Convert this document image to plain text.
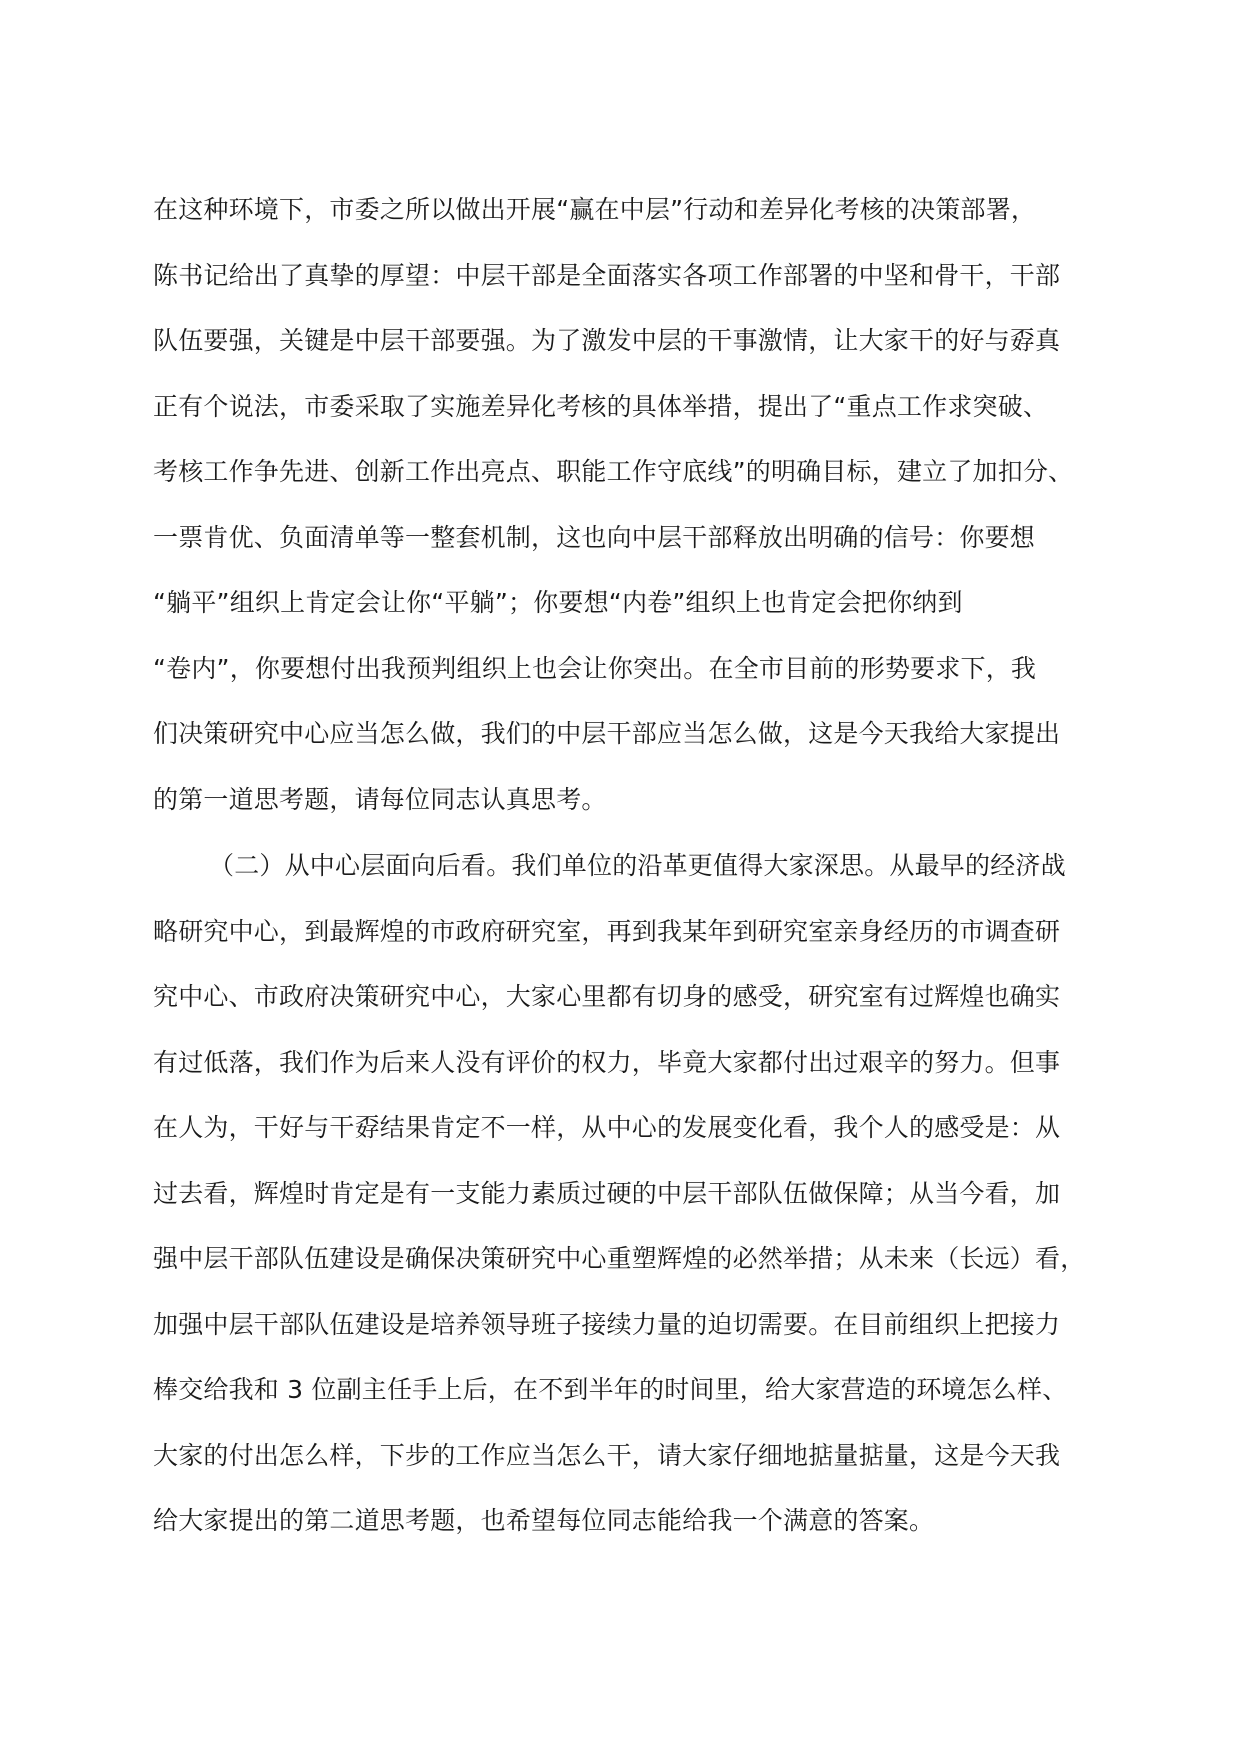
在这种环境下，市委之所以做出开展“赢在中层”行动和差异化考核的决策部署，
陈书记给出了真挚的厚望：中层干部是全面落实各项工作部署的中坚和骨干，干部
队伍要强，关键是中层干部要强。为了激发中层的干事激情，让大家干的好与孬真
正有个说法，市委采取了实施差异化考核的具体举措，提出了“重点工作求突破、
考核工作争先进、创新工作出亮点、职能工作守底线”的明确目标，建立了加扣分、
一票肯优、负面清单等一整套机制，这也向中层干部释放出明确的信号：你要想
“躺平”组织上肯定会让你“平躺”；你要想“内卷”组织上也肯定会把你纳到
“卷内”，你要想付出我预判组织上也会让你突出。在全市目前的形势要求下，我
们决策研究中心应当怎么做，我们的中层干部应当怎么做，这是今天我给大家提出
的第一道思考题，请每位同志认真思考。
（二）从中心层面向后看。我们单位的沿革更值得大家深思。从最早的经济战
略研究中心，到最辉煌的市政府研究室，再到我某年到研究室亲身经历的市调查研
究中心、市政府决策研究中心，大家心里都有切身的感受，研究室有过辉煌也确实
有过低落，我们作为后来人没有评价的权力，毕竟大家都付出过艰辛的努力。但事
在人为，干好与干孬结果肯定不一样，从中心的发展变化看，我个人的感受是：从
过去看，辉煌时肯定是有一支能力素质过硬的中层干部队伍做保障；从当今看，加
强中层干部队伍建设是确保决策研究中心重塑辉煌的必然举措；从未来（长远）看，
加强中层干部队伍建设是培养领导班子接续力量的迫切需要。在目前组织上把接力
棒交给我和 3 位副主任手上后，在不到半年的时间里，给大家营造的环境怎么样、
大家的付出怎么样，下步的工作应当怎么干，请大家仔细地掂量掂量，这是今天我
给大家提出的第二道思考题，也希望每位同志能给我一个满意的答案。
